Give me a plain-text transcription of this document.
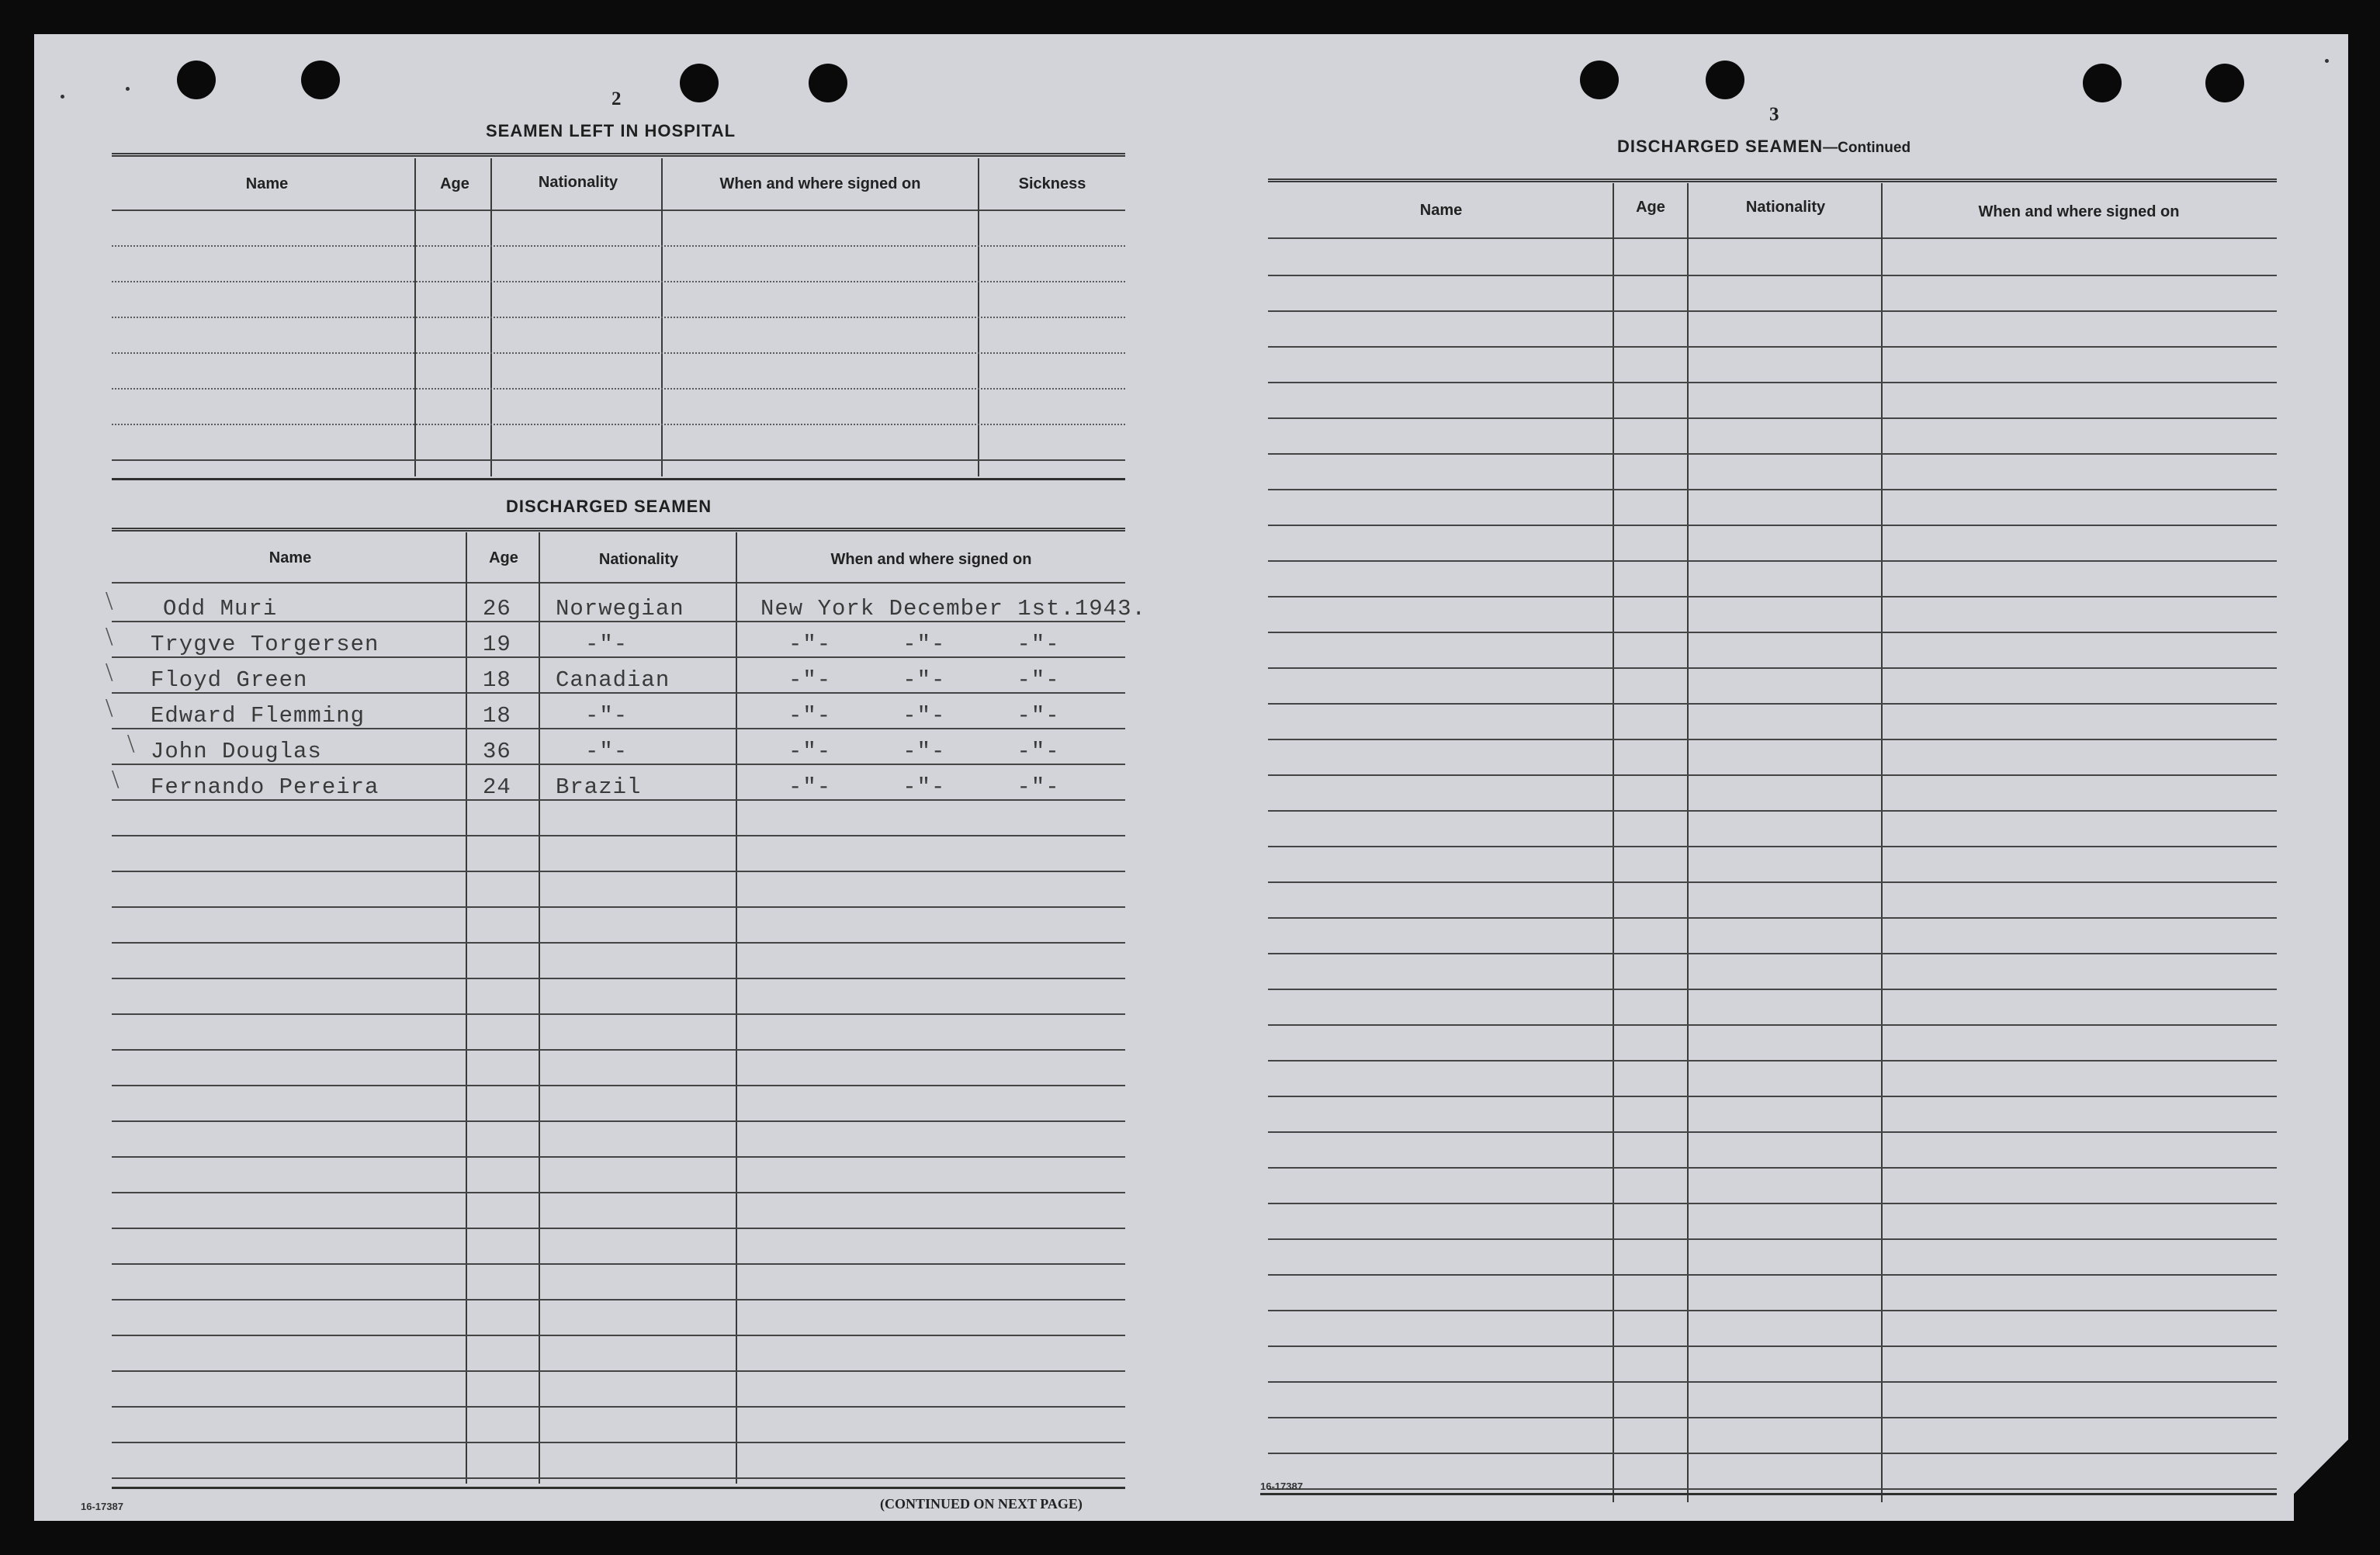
2
SEAMEN LEFT IN HOSPITAL
Name	Age	Nationality	When and where signed on	Sickness
DISCHARGED SEAMEN
Name	Age	Nationality	When and where signed on
\ Odd Muri	26 Norwegian	New York December 1st.1943.
\ Trygve Torgersen	19	-"-	-"-     -"-     -"-
\ Floyd Green	18 Canadian	-"-     -"-     -"-
\ Edward Flemming	18	-"-	-"-     -"-     -"-
\ John Douglas	36	-"-	-"-     -"-     -"-
\ Fernando Pereira	24 Brazil	-"-     -"-     -"-
16-17387	(CONTINUED ON NEXT PAGE)
3
DISCHARGED SEAMEN—Continued
Name	Age	Nationality	When and where signed on
16-17387
